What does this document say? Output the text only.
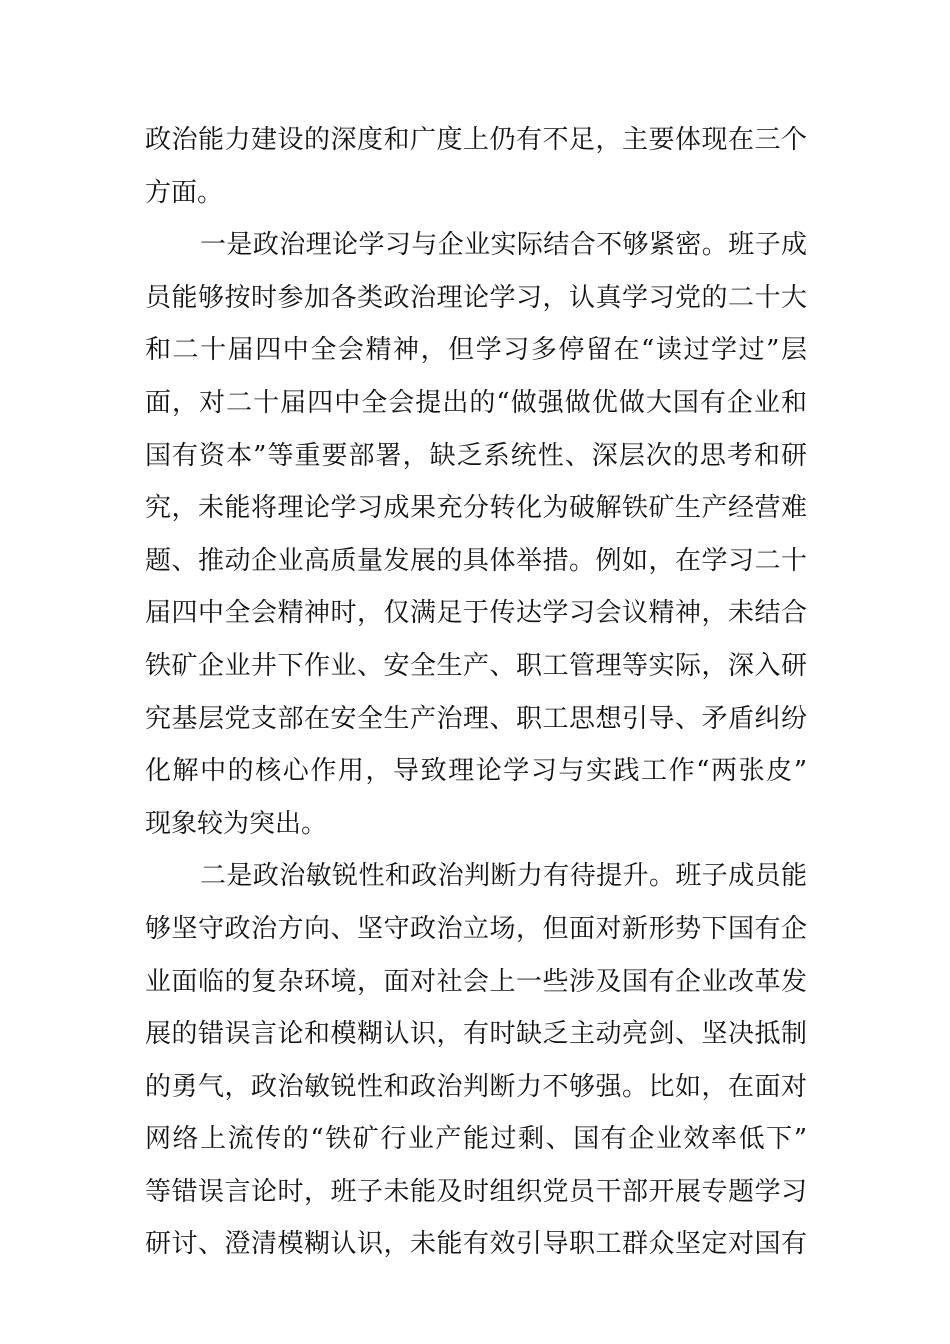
政治能力建设的深度和广度上仍有不足，主要体现在三个
方面。
一是政治理论学习与企业实际结合不够紧密。班子成
员能够按时参加各类政治理论学习，认真学习党的二十大
和二十届四中全会精神，但学习多停留在“读过学过”层
面，对二十届四中全会提出的“做强做优做大国有企业和
国有资本”等重要部署，缺乏系统性、深层次的思考和研
究，未能将理论学习成果充分转化为破解铁矿生产经营难
题、推动企业高质量发展的具体举措。例如，在学习二十
届四中全会精神时，仅满足于传达学习会议精神，未结合
铁矿企业井下作业、安全生产、职工管理等实际，深入研
究基层党支部在安全生产治理、职工思想引导、矛盾纠纷
化解中的核心作用，导致理论学习与实践工作“两张皮”
现象较为突出。
二是政治敏锐性和政治判断力有待提升。班子成员能
够坚守政治方向、坚守政治立场，但面对新形势下国有企
业面临的复杂环境，面对社会上一些涉及国有企业改革发
展的错误言论和模糊认识，有时缺乏主动亮剑、坚决抵制
的勇气，政治敏锐性和政治判断力不够强。比如，在面对
网络上流传的“铁矿行业产能过剩、国有企业效率低下”
等错误言论时，班子未能及时组织党员干部开展专题学习
研讨、澄清模糊认识，未能有效引导职工群众坚定对国有
